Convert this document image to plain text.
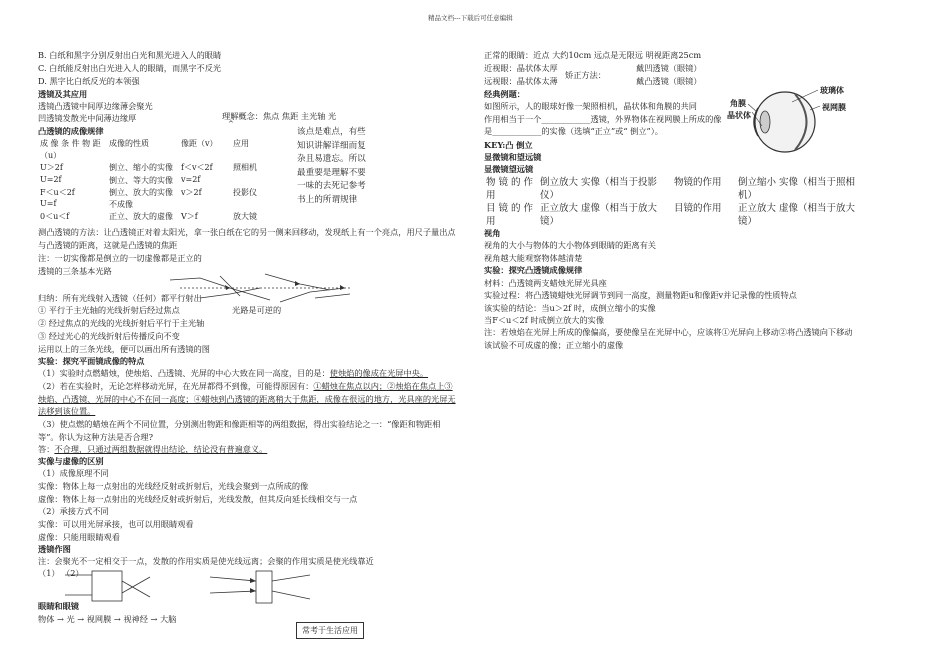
精品文档---下载后可任意编辑
B. 白纸和黑字分别反射出白光和黑光进入人的眼睛
C. 白纸能反射出白光进入人的眼睛，而黑字不反光
D. 黑字比白纸反光的本领强
透镜及其应用
透镜凸透镜中间厚边缘薄会聚光
凹透镜发散光中间薄边缘厚	理解概念：焦点 焦距 主光轴 光
^
凸透镜的成像规律
成 像 条 件 物 距	成像的性质	像距（v）	应用
（u）			
U＞2f	倒立、缩小的实像	f＜v＜2f	照相机
U=2f	倒立、等大的实像	v=2f	
F＜u＜2f	倒立、放大的实像	v＞2f	投影仪
U=f	不成像		
0＜u＜f	正立、放大的虚像	V＞f	放大镜
该点是难点，有些
知识讲解详细而复
杂且易遗忘。所以
最重要是理解不要
一味的去死记参考
书上的所谓规律
测凸透镜的方法：让凸透镜正对着太阳光，拿一张白纸在它的另一侧来回移动，发现纸上有一个亮点，用尺子量出点
与凸透镜的距离，这就是凸透镜的焦距
注：一切实像都是倒立的一切虚像都是正立的
透镜的三条基本光路
归纳：所有光线射入透镜（任何）都平行射出
光路是可逆的
① 平行于主光轴的光线折射后经过焦点
② 经过焦点的光线的光线折射后平行于主光轴
③ 经过光心的光线折射后传播反向不变
运用以上的三条光线，便可以画出所有透镜的图
实验：探究平面镜成像的特点
（1）实验时点燃蜡烛，使烛焰、凸透镜、光屏的中心大致在同一高度，目的是：使烛焰的像成在光屏中央。
（2）若在实验时，无论怎样移动光屏，在光屏都得不到像，可能得原因有：①蜡烛在焦点以内；②烛焰在焦点上③
烛焰、凸透镜、光屏的中心不在同一高度；④蜡烛到凸透镜的距离稍大于焦距，成像在很远的地方，光具座的光屏无
法移到该位置。
（3）使点燃的蜡烛在两个不同位置，分别测出物距和像距相等的两组数据，得出实验结论之一：“像距和物距相
等”。你认为这种方法是否合理?
答：不合理，只通过两组数据就得出结论，结论没有普遍意义。
实像与虚像的区别
（1）成像原理不同
实像：物体上每一点射出的光线经反射或折射后，光线会聚到一点所成的像
虚像：物体上每一点射出的光线经反射或折射后，光线发散，但其反向延长线相交与一点
（2）承接方式不同
实像：可以用光屏承接，也可以用眼睛观看
虚像：只能用眼睛观看
透镜作图
注：会聚光不一定相交于一点，发散的作用实质是使光线远离；会聚的作用实质是使光线靠近
（1） （2）
眼睛和眼镜
物体 → 光 → 视网膜 → 视神经 → 大脑
常考于生活应用
正常的眼睛：近点 大约10cm 远点是无限远 明视距离25cm
近视眼：晶状体太厚	戴凹透镜（眼镜）
矫正方法：
远视眼：晶状体太薄	戴凸透镜（眼镜）
经典例题：
如图所示，人的眼球好像一架照相机，晶状体和角膜的共同
作用相当于一个____________透镜，外界物体在视网膜上所成的像
是____________的实像（选填“正立”或“ 倒立”）。
KEY:凸 倒立
玻璃体
角膜	视网膜
晶状体
显微镜和望远镜
显微镜望远镜
物 镜 的 作 用	倒立放大 实像（相当于投影仪）	物镜的作用	倒立缩小 实像（相当于照相机）
目 镜 的 作 用	正立放大 虚像（相当于放大镜）	目镜的作用	正立放大 虚像（相当于放大镜）
视角
视角的大小与物体的大小物体到眼睛的距离有关
视角越大能观察物体越清楚
实验：探究凸透镜成像规律
材料：凸透镜两支蜡烛光屏光具座
实验过程：将凸透镜蜡烛光屏调节到同一高度，测量物距u和像距v并记录像的性质特点
该实验的结论：当u＞2f 时，成倒立缩小的实像
当F＜u＜2f 时成倒立放大的实像
注：若烛焰在光屏上所成的像偏高，要使像呈在光屏中心，应该将①光屏向上移动②将凸透镜向下移动
该试验不可成虚的像；正立缩小的虚像
